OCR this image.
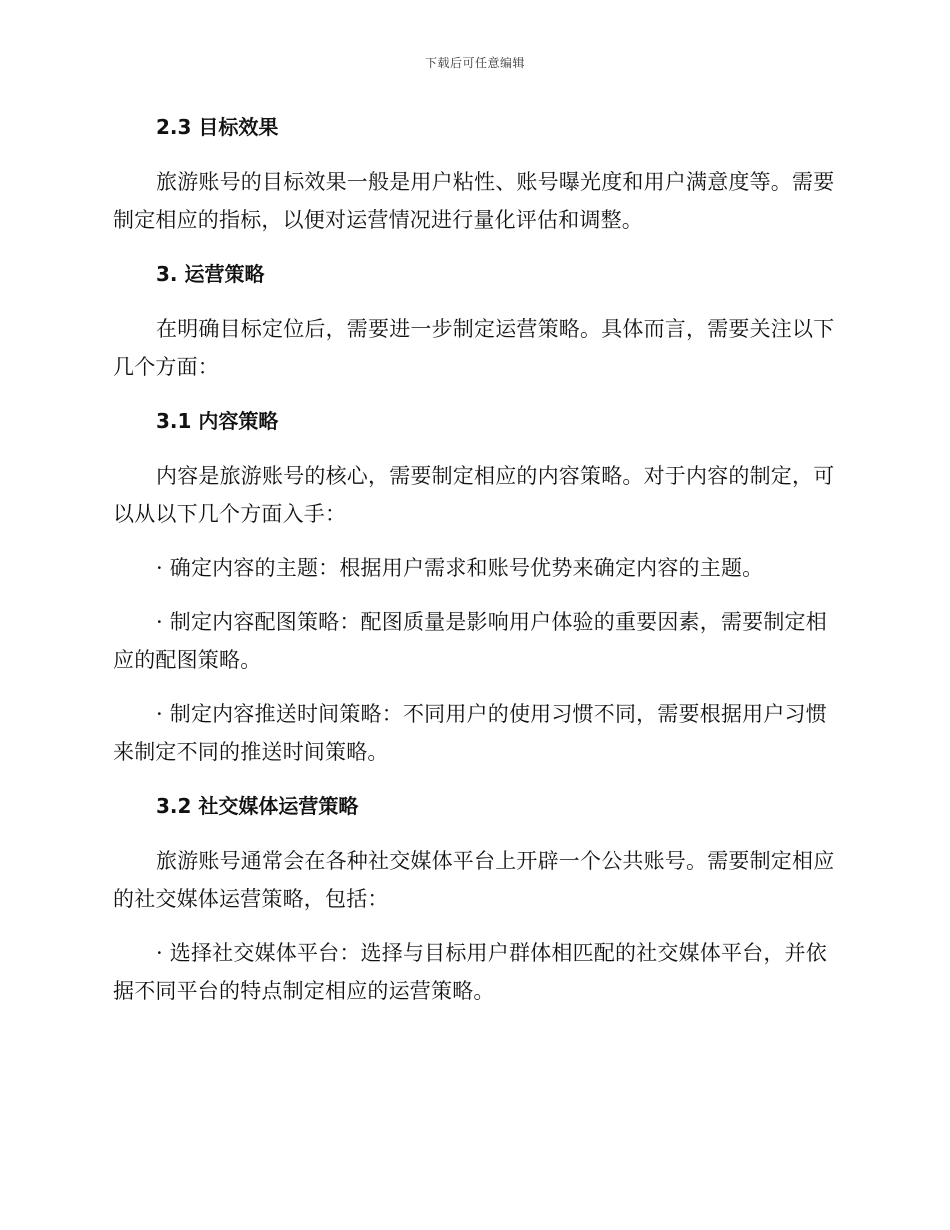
下载后可任意编辑
2.3 目标效果

旅游账号的目标效果一般是用户粘性、账号曝光度和用户满意度等。需要制定相应的指标，以便对运营情况进行量化评估和调整。

3. 运营策略

在明确目标定位后，需要进一步制定运营策略。具体而言，需要关注以下几个方面：

3.1 内容策略

内容是旅游账号的核心，需要制定相应的内容策略。对于内容的制定，可以从以下几个方面入手：

· 确定内容的主题：根据用户需求和账号优势来确定内容的主题。

· 制定内容配图策略：配图质量是影响用户体验的重要因素，需要制定相应的配图策略。

· 制定内容推送时间策略：不同用户的使用习惯不同，需要根据用户习惯来制定不同的推送时间策略。

3.2 社交媒体运营策略

旅游账号通常会在各种社交媒体平台上开辟一个公共账号。需要制定相应的社交媒体运营策略，包括：

· 选择社交媒体平台：选择与目标用户群体相匹配的社交媒体平台，并依据不同平台的特点制定相应的运营策略。
